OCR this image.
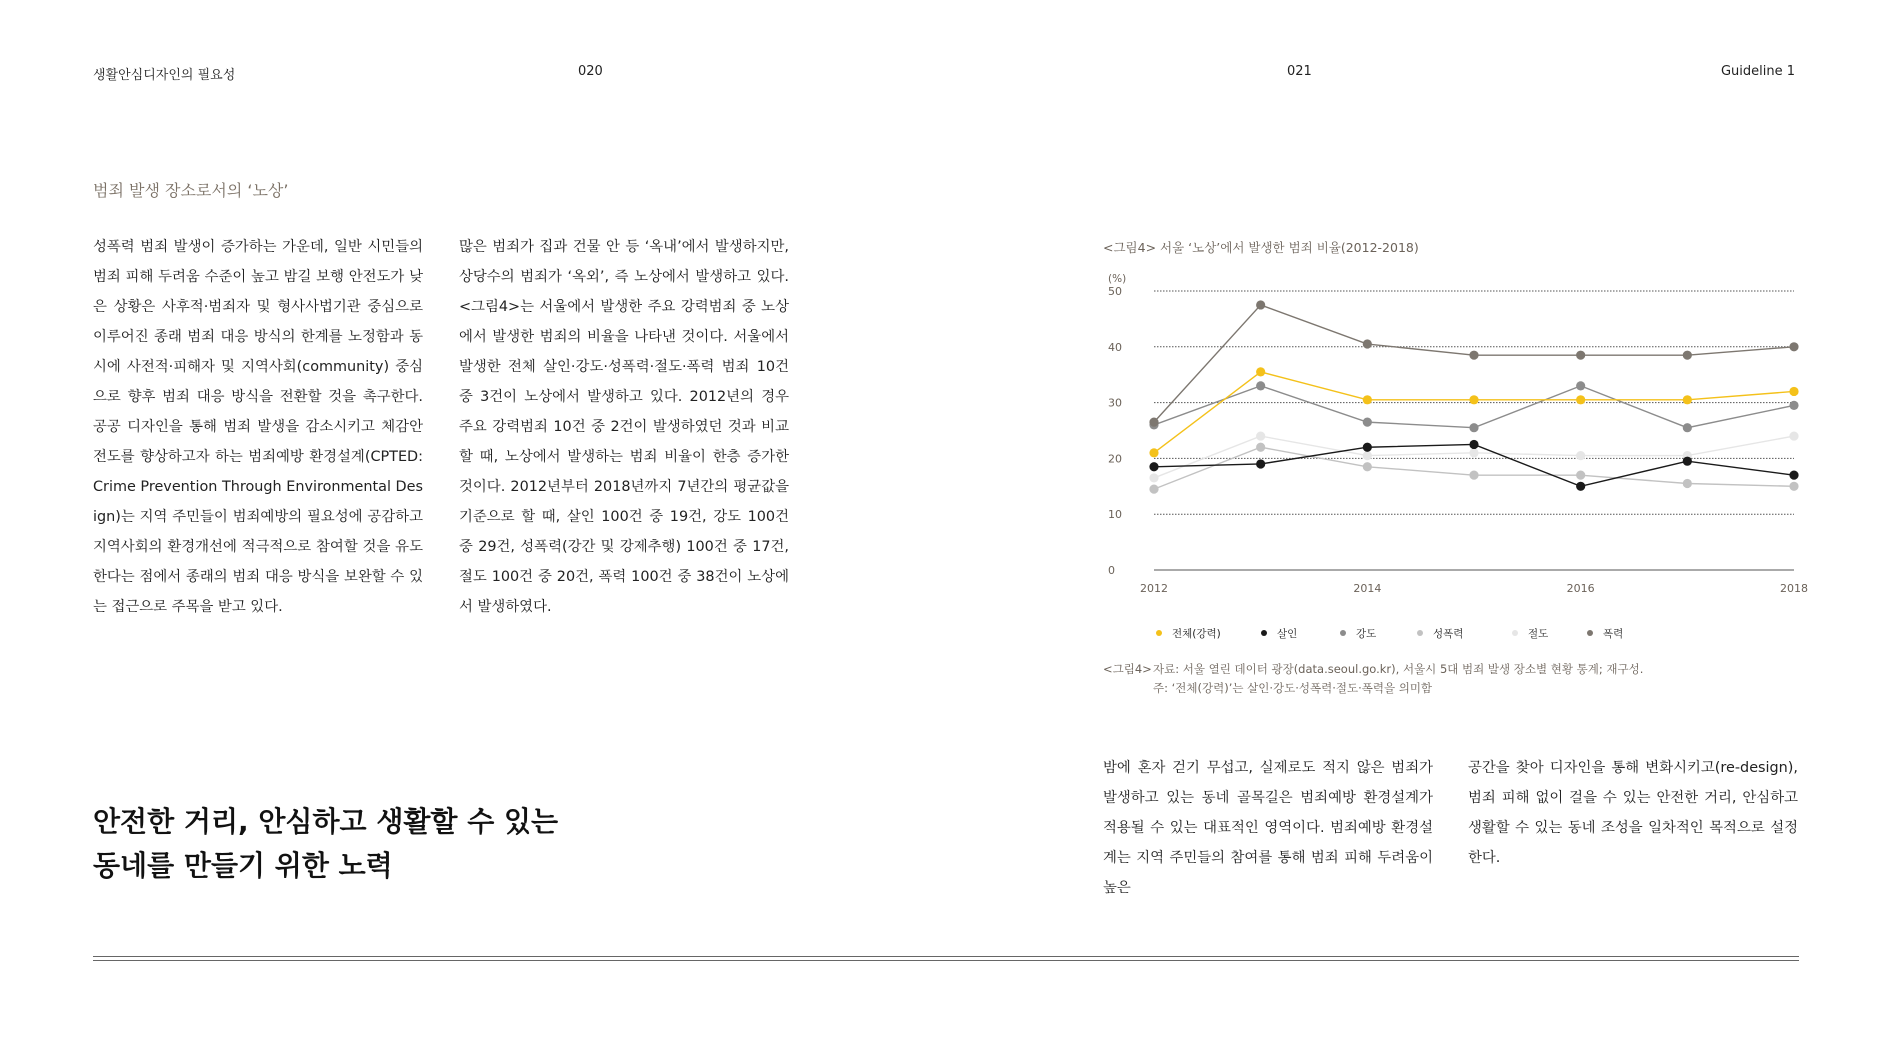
생활안심디자인의 필요성	020	021	Guideline 1
범죄 발생 장소로서의 ‘노상’
성폭력 범죄 발생이 증가하는 가운데, 일반 시민들의 범죄 피해 두려움 수준이 높고 밤길 보행 안전도가 낮은 상황은 사후적·범죄자 및 형사사법기관 중심으로 이루어진 종래 범죄 대응 방식의 한계를 노정함과 동시에 사전적·피해자 및 지역사회(community) 중심으로 향후 범죄 대응 방식을 전환할 것을 촉구한다. 공공 디자인을 통해 범죄 발생을 감소시키고 체감안전도를 향상하고자 하는 범죄예방 환경설계(CPTED: Crime Prevention Through Environmental Design)는 지역 주민들이 범죄예방의 필요성에 공감하고 지역사회의 환경개선에 적극적으로 참여할 것을 유도한다는 점에서 종래의 범죄 대응 방식을 보완할 수 있는 접근으로 주목을 받고 있다.
많은 범죄가 집과 건물 안 등 ‘옥내’에서 발생하지만, 상당수의 범죄가 ‘옥외’, 즉 노상에서 발생하고 있다. <그림4>는 서울에서 발생한 주요 강력범죄 중 노상에서 발생한 범죄의 비율을 나타낸 것이다. 서울에서 발생한 전체 살인·강도·성폭력·절도·폭력 범죄 10건 중 3건이 노상에서 발생하고 있다. 2012년의 경우 주요 강력범죄 10건 중 2건이 발생하였던 것과 비교할 때, 노상에서 발생하는 범죄 비율이 한층 증가한 것이다. 2012년부터 2018년까지 7년간의 평균값을 기준으로 할 때, 살인 100건 중 19건, 강도 100건 중 29건, 성폭력(강간 및 강제추행) 100건 중 17건, 절도 100건 중 20건, 폭력 100건 중 38건이 노상에서 발생하였다.
밤에 혼자 걷기 무섭고, 실제로도 적지 않은 범죄가 발생하고 있는 동네 골목길은 범죄예방 환경설계가 적용될 수 있는 대표적인 영역이다. 범죄예방 환경설계는 지역 주민들의 참여를 통해 범죄 피해 두려움이 높은
공간을 찾아 디자인을 통해 변화시키고(re-design), 범죄 피해 없이 걸을 수 있는 안전한 거리, 안심하고 생활할 수 있는 동네 조성을 일차적인 목적으로 설정한다.
안전한 거리, 안심하고 생활할 수 있는
동네를 만들기 위한 노력
<그림4> 서울 ‘노상’에서 발생한 범죄 비율(2012-2018)
(%)
0
10
20
30
40
50
2012	2014	2016	2018
전체(강력)	살인	강도	성폭력	절도	폭력
<그림4> 자료: 서울 열린 데이터 광장(data.seoul.go.kr), 서울시 5대 범죄 발생 장소별 현황 통계; 재구성.
주: ‘전체(강력)’는 살인·강도·성폭력·절도·폭력을 의미함
